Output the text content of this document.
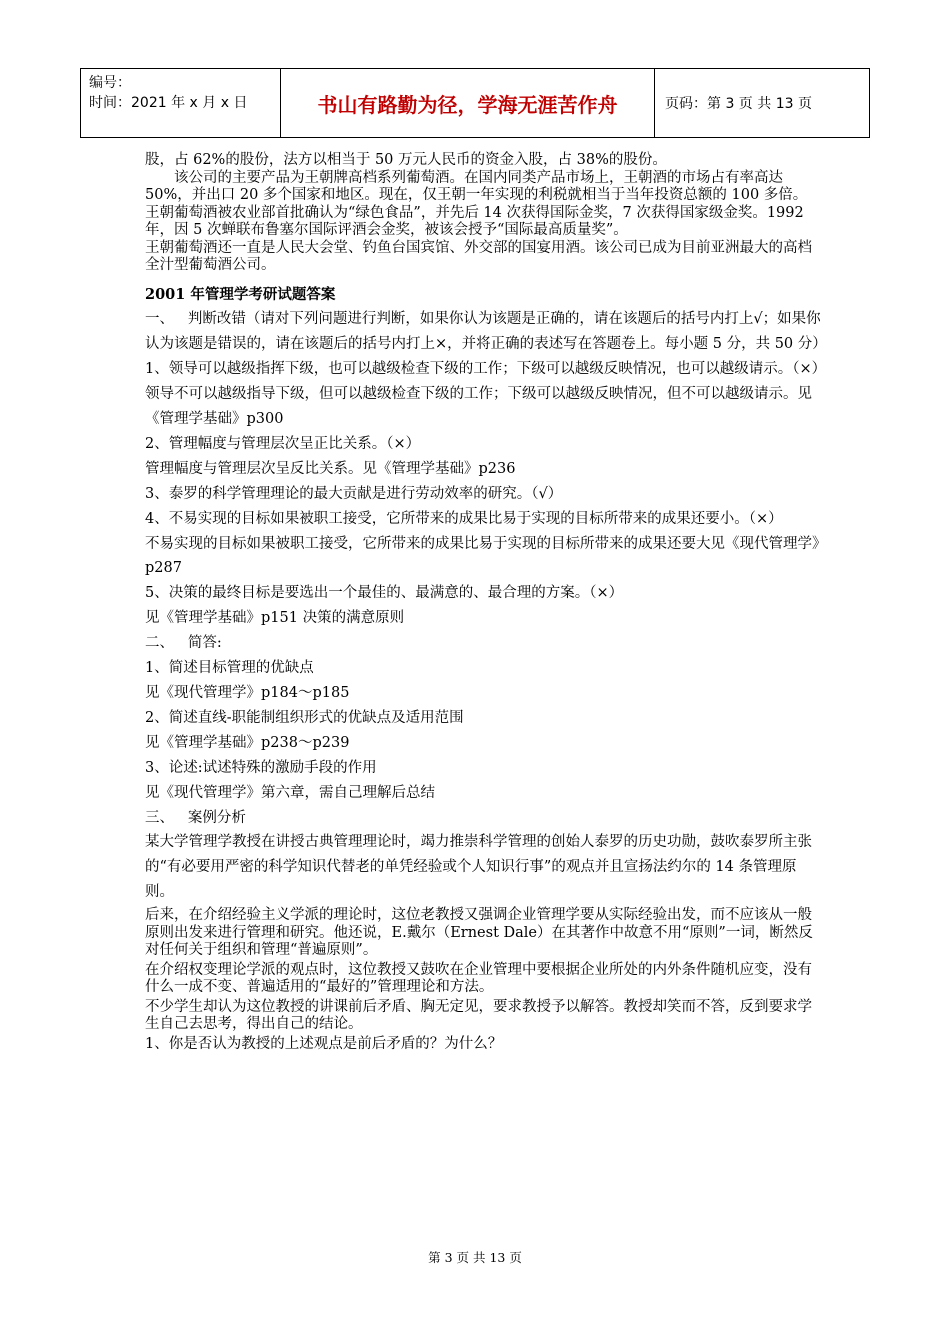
编号：
时间：2021 年 x 月 x 日	书山有路勤为径，学海无涯苦作舟	页码：第 3 页 共 13 页

股，占 62%的股份，法方以相当于 50 万元人民币的资金入股，占 38%的股份。

该公司的主要产品为王朝牌高档系列葡萄酒。在国内同类产品市场上，王朝酒的市场占有率高达 50%，并出口 20 多个国家和地区。现在，仅王朝一年实现的利税就相当于当年投资总额的 100 多倍。

王朝葡萄酒被农业部首批确认为“绿色食品”，并先后 14 次获得国际金奖，7 次获得国家级金奖。1992 年，因 5 次蝉联布鲁塞尔国际评酒会金奖，被该会授予“国际最高质量奖”。

王朝葡萄酒还一直是人民大会堂、钓鱼台国宾馆、外交部的国宴用酒。该公司已成为目前亚洲最大的高档全汁型葡萄酒公司。

2001 年管理学考研试题答案

一、   判断改错（请对下列问题进行判断，如果你认为该题是正确的，请在该题后的括号内打上√；如果你认为该题是错误的，请在该题后的括号内打上×，并将正确的表述写在答题卷上。每小题 5 分，共 50 分）

1、领导可以越级指挥下级，也可以越级检查下级的工作；下级可以越级反映情况，也可以越级请示。（×）

领导不可以越级指导下级，但可以越级检查下级的工作；下级可以越级反映情况，但不可以越级请示。见《管理学基础》p300

2、管理幅度与管理层次呈正比关系。（×）

管理幅度与管理层次呈反比关系。见《管理学基础》p236

3、泰罗的科学管理理论的最大贡献是进行劳动效率的研究。（√）

4、不易实现的目标如果被职工接受，它所带来的成果比易于实现的目标所带来的成果还要小。（×）

不易实现的目标如果被职工接受，它所带来的成果比易于实现的目标所带来的成果还要大见《现代管理学》p287

5、决策的最终目标是要选出一个最佳的、最满意的、最合理的方案。（×）

见《管理学基础》p151 决策的满意原则

二、   简答:

1、简述目标管理的优缺点

见《现代管理学》p184～p185

2、简述直线-职能制组织形式的优缺点及适用范围

见《管理学基础》p238～p239

3、论述:试述特殊的激励手段的作用

见《现代管理学》第六章，需自己理解后总结

三、   案例分析

某大学管理学教授在讲授古典管理理论时，竭力推崇科学管理的创始人泰罗的历史功勋，鼓吹泰罗所主张的“有必要用严密的科学知识代替老的单凭经验或个人知识行事”的观点并且宣扬法约尔的 14 条管理原则。

后来，在介绍经验主义学派的理论时，这位老教授又强调企业管理学要从实际经验出发，而不应该从一般原则出发来进行管理和研究。他还说，E.戴尔（Ernest Dale）在其著作中故意不用“原则”一词，断然反对任何关于组织和管理“普遍原则”。

在介绍权变理论学派的观点时，这位教授又鼓吹在企业管理中要根据企业所处的内外条件随机应变，没有什么一成不变、普遍适用的“最好的”管理理论和方法。

不少学生却认为这位教授的讲课前后矛盾、胸无定见，要求教授予以解答。教授却笑而不答，反到要求学生自己去思考，得出自己的结论。

1、你是否认为教授的上述观点是前后矛盾的？为什么？

第 3 页 共 13 页
